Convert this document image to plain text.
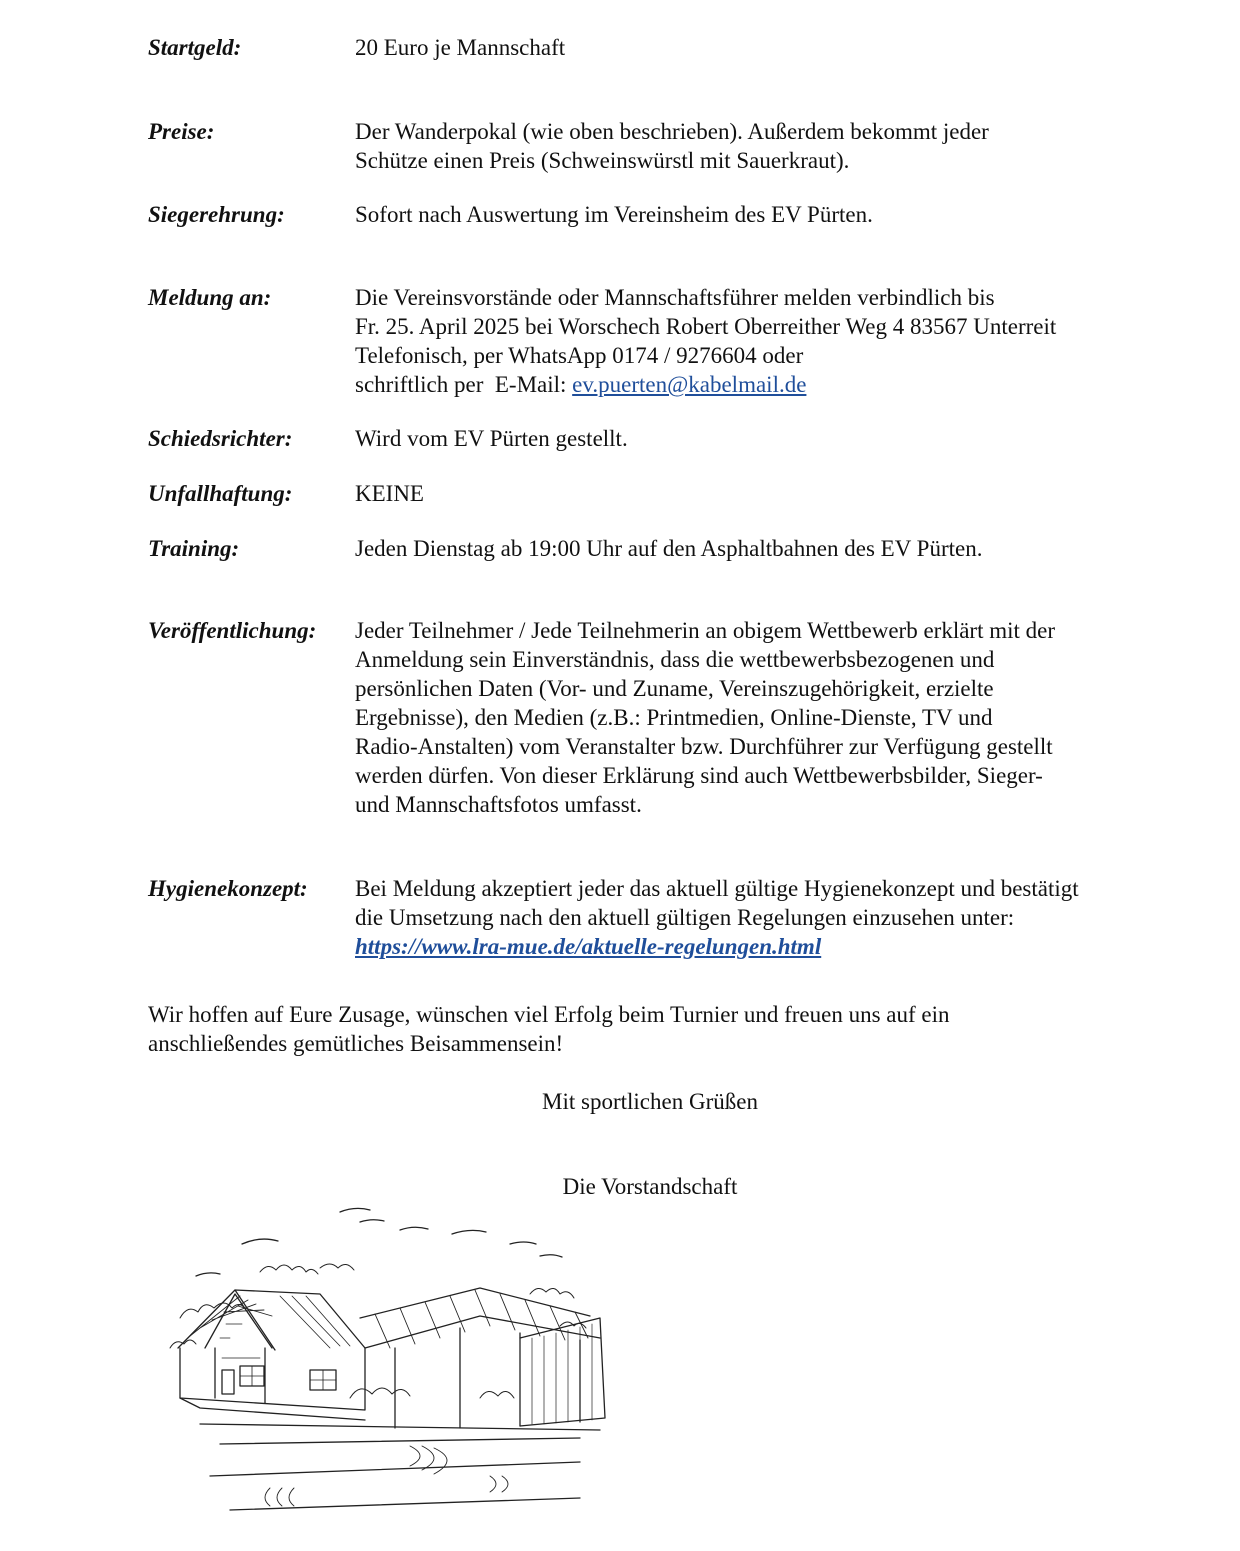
Startgeld:	20 Euro je Mannschaft
Preise:	Der Wanderpokal (wie oben beschrieben). Außerdem bekommt jeder
Schütze einen Preis (Schweinswürstl mit Sauerkraut).
Siegerehrung:	Sofort nach Auswertung im Vereinsheim des EV Pürten.
Meldung an:	Die Vereinsvorstände oder Mannschaftsführer melden verbindlich bis
Fr. 25. April 2025 bei Worschech Robert Oberreither Weg 4 83567 Unterreit
Telefonisch, per WhatsApp 0174 / 9276604 oder
schriftlich per  E-Mail: ev.puerten@kabelmail.de
Schiedsrichter:	Wird vom EV Pürten gestellt.
Unfallhaftung:	KEINE
Training:	Jeden Dienstag ab 19:00 Uhr auf den Asphaltbahnen des EV Pürten.
Veröffentlichung:	Jeder Teilnehmer / Jede Teilnehmerin an obigem Wettbewerb erklärt mit der
Anmeldung sein Einverständnis, dass die wettbewerbsbezogenen und
persönlichen Daten (Vor- und Zuname, Vereinszugehörigkeit, erzielte
Ergebnisse), den Medien (z.B.: Printmedien, Online-Dienste, TV und
Radio-Anstalten) vom Veranstalter bzw. Durchführer zur Verfügung gestellt
werden dürfen. Von dieser Erklärung sind auch Wettbewerbsbilder, Sieger-
und Mannschaftsfotos umfasst.
Hygienekonzept:	Bei Meldung akzeptiert jeder das aktuell gültige Hygienekonzept und bestätigt
die Umsetzung nach den aktuell gültigen Regelungen einzusehen unter:
https://www.lra-mue.de/aktuelle-regelungen.html
Wir hoffen auf Eure Zusage, wünschen viel Erfolg beim Turnier und freuen uns auf ein
anschließendes gemütliches Beisammensein!
Mit sportlichen Grüßen
Die Vorstandschaft
